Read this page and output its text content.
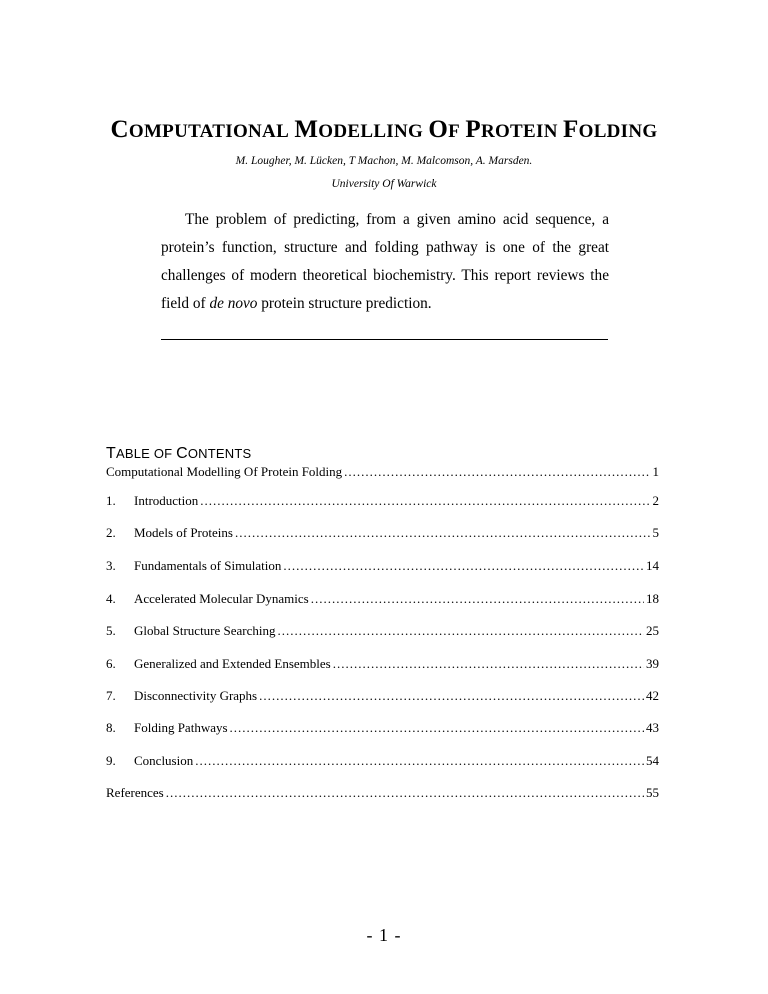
COMPUTATIONAL MODELLING OF PROTEIN FOLDING
M. Lougher, M. Lücken, T Machon, M. Malcomson, A. Marsden.
University Of Warwick
The problem of predicting, from a given amino acid sequence, a
protein’s function, structure and folding pathway is one of the great
challenges of modern theoretical biochemistry. This report reviews the
field of de novo protein structure prediction.
TABLE OF CONTENTS
Computational Modelling Of Protein Folding .....	1
1.	Introduction .....	2
2.	Models of Proteins .....	5
3.	Fundamentals of Simulation .....	14
4.	Accelerated Molecular Dynamics .....	18
5.	Global Structure Searching .....	25
6.	Generalized and Extended Ensembles .....	39
7.	Disconnectivity Graphs .....	42
8.	Folding Pathways .....	43
9.	Conclusion .....	54
References .....	55
- 1 -
